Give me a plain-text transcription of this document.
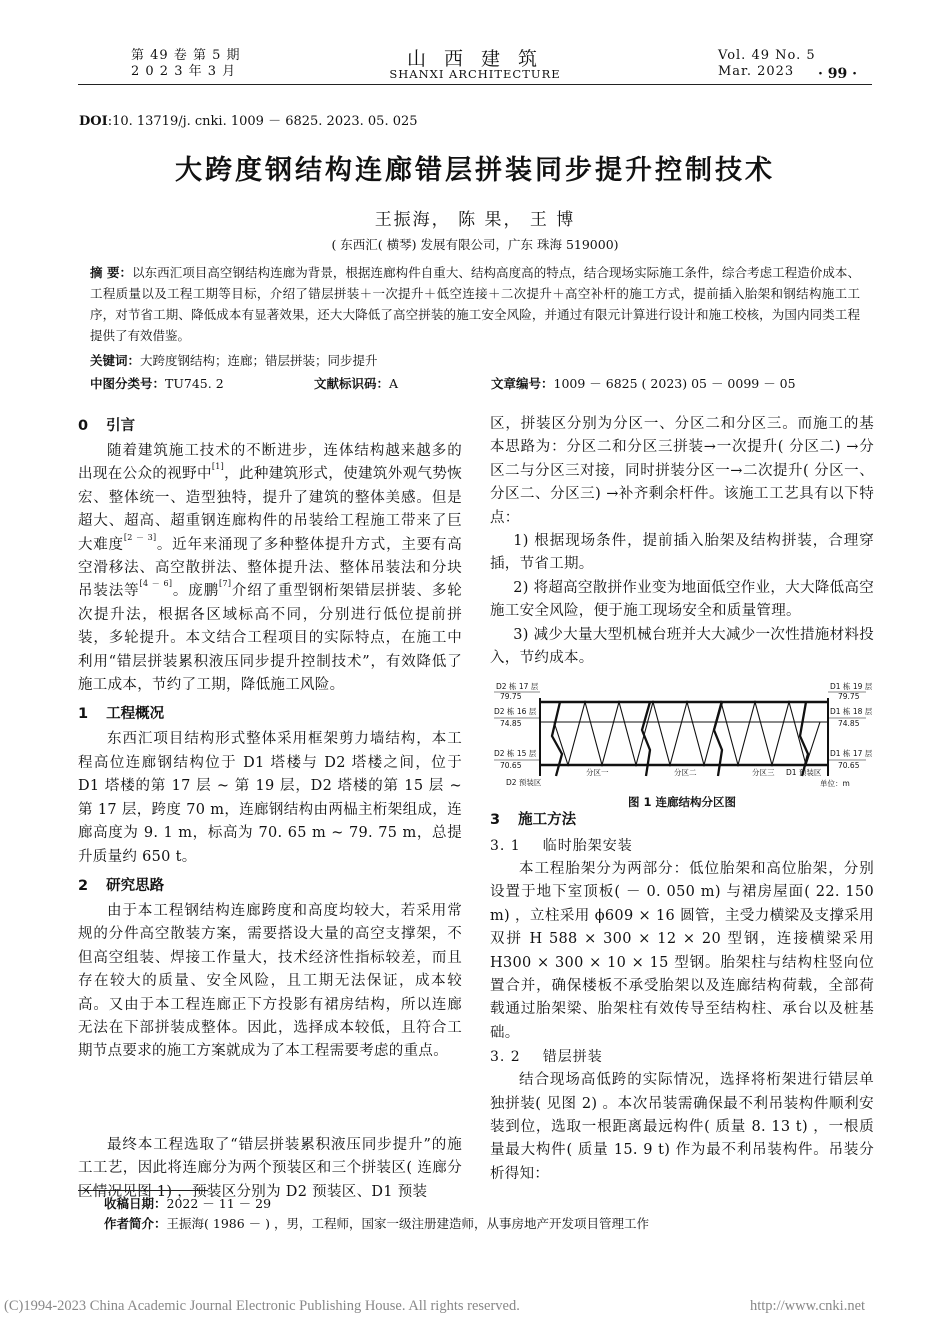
第 49 卷 第 5 期
2 0 2 3 年 3 月
山 西 建 筑
SHANXI ARCHITECTURE
Vol. 49 No. 5
Mar. 2023 · 99 ·
DOI:10. 13719/j. cnki. 1009 － 6825. 2023. 05. 025
大跨度钢结构连廊错层拼装同步提升控制技术
王振海， 陈 果， 王 博
( 东西汇( 横琴) 发展有限公司，广东 珠海 519000)
摘 要：以东西汇项目高空钢结构连廊为背景，根据连廊构件自重大、结构高度高的特点，结合现场实际施工条件，综合考虑工程造价成本、工程质量以及工程工期等目标，介绍了错层拼装＋一次提升＋低空连接＋二次提升＋高空补杆的施工方式，提前插入胎架和钢结构施工工序，对节省工期、降低成本有显著效果，还大大降低了高空拼装的施工安全风险，并通过有限元计算进行设计和施工校核，为国内同类工程提供了有效借鉴。
关键词：大跨度钢结构；连廊；错层拼装；同步提升
中图分类号：TU745. 2	文献标识码：A	文章编号：1009 － 6825 ( 2023) 05 － 0099 － 05
0 引言

随着建筑施工技术的不断进步，连体结构越来越多的出现在公众的视野中[1]，此种建筑形式，使建筑外观气势恢宏、整体统一、造型独特，提升了建筑的整体美感。但是超大、超高、超重钢连廊构件的吊装给工程施工带来了巨大难度[2 － 3]。近年来涌现了多种整体提升方式，主要有高空滑移法、高空散拼法、整体提升法、整体吊装法和分块吊装法等[4 － 6]。庞鹏[7]介绍了重型钢桁架错层拼装、多轮次提升法，根据各区域标高不同，分别进行低位提前拼装，多轮提升。本文结合工程项目的实际特点，在施工中利用“错层拼装累积液压同步提升控制技术”，有效降低了施工成本，节约了工期，降低施工风险。

1 工程概况

东西汇项目结构形式整体采用框架剪力墙结构，本工程高位连廊钢结构位于 D1 塔楼与 D2 塔楼之间，位于 D1 塔楼的第 17 层 ~ 第 19 层，D2 塔楼的第 15 层 ~ 第 17 层，跨度 70 m，连廊钢结构由两榀主桁架组成，连廊高度为 9. 1 m，标高为 70. 65 m ~ 79. 75 m，总提升质量约 650 t。

2 研究思路

由于本工程钢结构连廊跨度和高度均较大，若采用常规的分件高空散装方案，需要搭设大量的高空支撑架，不但高空组装、焊接工作量大，技术经济性指标较差，而且存在较大的质量、安全风险，且工期无法保证，成本较高。又由于本工程连廊正下方投影有裙房结构，所以连廊无法在下部拼装成整体。因此，选择成本较低，且符合工期节点要求的施工方案就成为了本工程需要考虑的重点。

最终本工程选取了“错层拼装累积液压同步提升”的施工工艺，因此将连廊分为两个预装区和三个拼装区( 连廊分区情况见图 1) ，预装区分别为 D2 预装区、D1 预装

区，拼装区分别为分区一、分区二和分区三。而施工的基本思路为：分区二和分区三拼装→一次提升( 分区二) →分区二与分区三对接，同时拼装分区一→二次提升( 分区一、分区二、分区三) →补齐剩余杆件。该施工工艺具有以下特点：

1) 根据现场条件，提前插入胎架及结构拼装，合理穿插，节省工期。

2) 将超高空散拼作业变为地面低空作业，大大降低高空施工安全风险，便于施工现场安全和质量管理。

3) 减少大量大型机械台班并大大减少一次性措施材料投入，节约成本。

D2 栋 17 层
79.75
D2 栋 16 层
74.85
D2 栋 15 层
70.65
D1 栋 19 层
79.75
D1 栋 18 层
74.85
D1 栋 17 层
70.65
分区一	分区二	分区三
D2 预装区
D1 预装区
单位：m
图 1 连廊结构分区图
3 施工方法
3. 1 临时胎架安装

本工程胎架分为两部分：低位胎架和高位胎架，分别设置于地下室顶板( － 0. 050 m) 与裙房屋面( 22. 150 m) ，立柱采用 ϕ609 × 16 圆管，主受力横梁及支撑采用双拼 H 588 × 300 × 12 × 20 型钢，连接横梁采用 H300 × 300 × 10 × 15 型钢。胎架柱与结构柱竖向位置合并，确保楼板不承受胎架以及连廊结构荷载，全部荷载通过胎架梁、胎架柱有效传导至结构柱、承台以及桩基础。

3. 2 错层拼装

结合现场高低跨的实际情况，选择将桁架进行错层单独拼装( 见图 2) 。本次吊装需确保最不利吊装构件顺利安装到位，选取一根距离最远构件( 质量 8. 13 t) ，一根质量最大构件( 质量 15. 9 t) 作为最不利吊装构件。吊装分析得知：

收稿日期：2022 － 11 － 29
作者简介：王振海( 1986 － ) ，男，工程师，国家一级注册建造师，从事房地产开发项目管理工作
(C)1994-2023 China Academic Journal Electronic Publishing House. All rights reserved.	http://www.cnki.net
